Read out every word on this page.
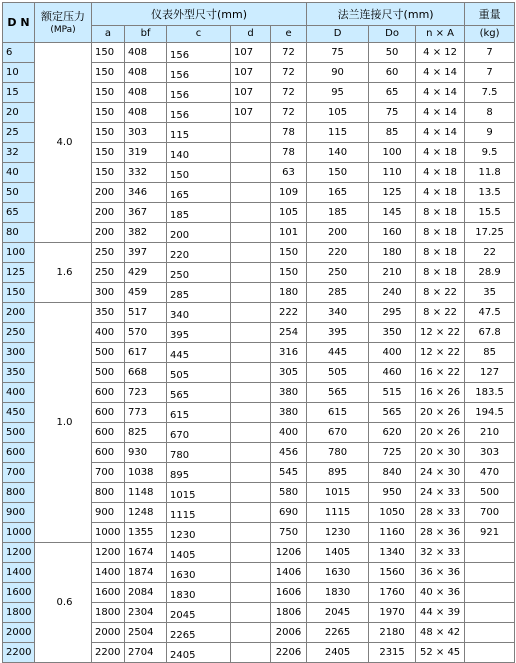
D N	额定压力
(MPa)	仪表外型尺寸(mm)					法兰连接尺寸(mm)			重量
		a	bf	c	d	e	D	Do	n × A	(kg)
6	4.0	150	408	156	107	72	75	50	4 × 12	7
10		150	408	156	107	72	90	60	4 × 14	7
15		150	408	156	107	72	95	65	4 × 14	7.5
20		150	408	156	107	72	105	75	4 × 14	8
25		150	303	115		78	115	85	4 × 14	9
32		150	319	140		78	140	100	4 × 18	9.5
40		150	332	150		63	150	110	4 × 18	11.8
50		200	346	165		109	165	125	4 × 18	13.5
65		200	367	185		105	185	145	8 × 18	15.5
80		200	382	200		101	200	160	8 × 18	17.25
100	1.6	250	397	220		150	220	180	8 × 18	22
125		250	429	250		150	250	210	8 × 18	28.9
150		300	459	285		180	285	240	8 × 22	35
200	1.0	350	517	340		222	340	295	8 × 22	47.5
250		400	570	395		254	395	350	12 × 22	67.8
300		500	617	445		316	445	400	12 × 22	85
350		500	668	505		305	505	460	16 × 22	127
400		600	723	565		380	565	515	16 × 26	183.5
450		600	773	615		380	615	565	20 × 26	194.5
500		600	825	670		400	670	620	20 × 26	210
600		600	930	780		456	780	725	20 × 30	303
700		700	1038	895		545	895	840	24 × 30	470
800		800	1148	1015		580	1015	950	24 × 33	500
900		900	1248	1115		690	1115	1050	28 × 33	700
1000		1000	1355	1230		750	1230	1160	28 × 36	921
1200	0.6	1200	1674	1405		1206	1405	1340	32 × 33	
1400		1400	1874	1630		1406	1630	1560	36 × 36	
1600		1600	2084	1830		1606	1830	1760	40 × 36	
1800		1800	2304	2045		1806	2045	1970	44 × 39	
2000		2000	2504	2265		2006	2265	2180	48 × 42	
2200		2200	2704	2405		2206	2405	2315	52 × 45	
